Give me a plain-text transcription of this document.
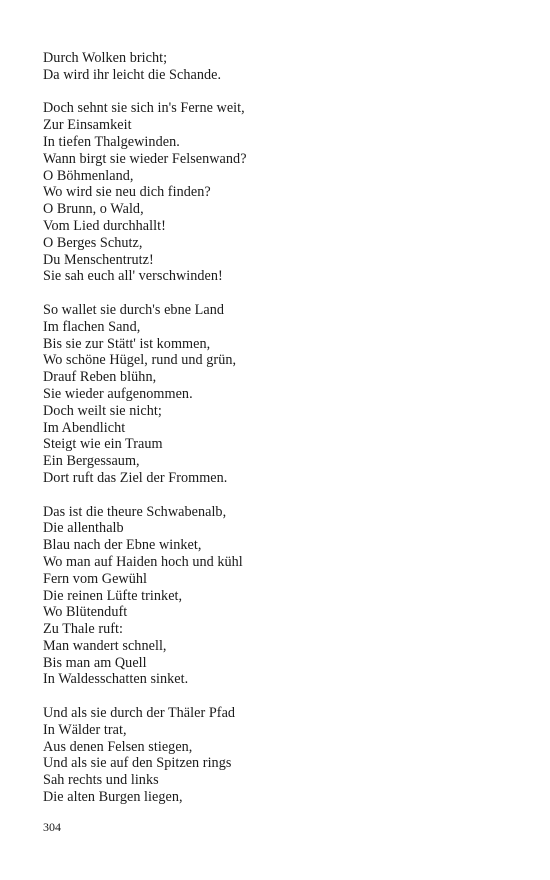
Durch Wolken bricht;
Da wird ihr leicht die Schande.
Doch sehnt sie sich in's Ferne weit,
Zur Einsamkeit
In tiefen Thalgewinden.
Wann birgt sie wieder Felsenwand?
O Böhmenland,
Wo wird sie neu dich finden?
O Brunn, o Wald,
Vom Lied durchhallt!
O Berges Schutz,
Du Menschentrutz!
Sie sah euch all' verschwinden!
So wallet sie durch's ebne Land
Im flachen Sand,
Bis sie zur Stätt' ist kommen,
Wo schöne Hügel, rund und grün,
Drauf Reben blühn,
Sie wieder aufgenommen.
Doch weilt sie nicht;
Im Abendlicht
Steigt wie ein Traum
Ein Bergessaum,
Dort ruft das Ziel der Frommen.
Das ist die theure Schwabenalb,
Die allenthalb
Blau nach der Ebne winket,
Wo man auf Haiden hoch und kühl
Fern vom Gewühl
Die reinen Lüfte trinket,
Wo Blütenduft
Zu Thale ruft:
Man wandert schnell,
Bis man am Quell
In Waldesschatten sinket.
Und als sie durch der Thäler Pfad
In Wälder trat,
Aus denen Felsen stiegen,
Und als sie auf den Spitzen rings
Sah rechts und links
Die alten Burgen liegen,
304
